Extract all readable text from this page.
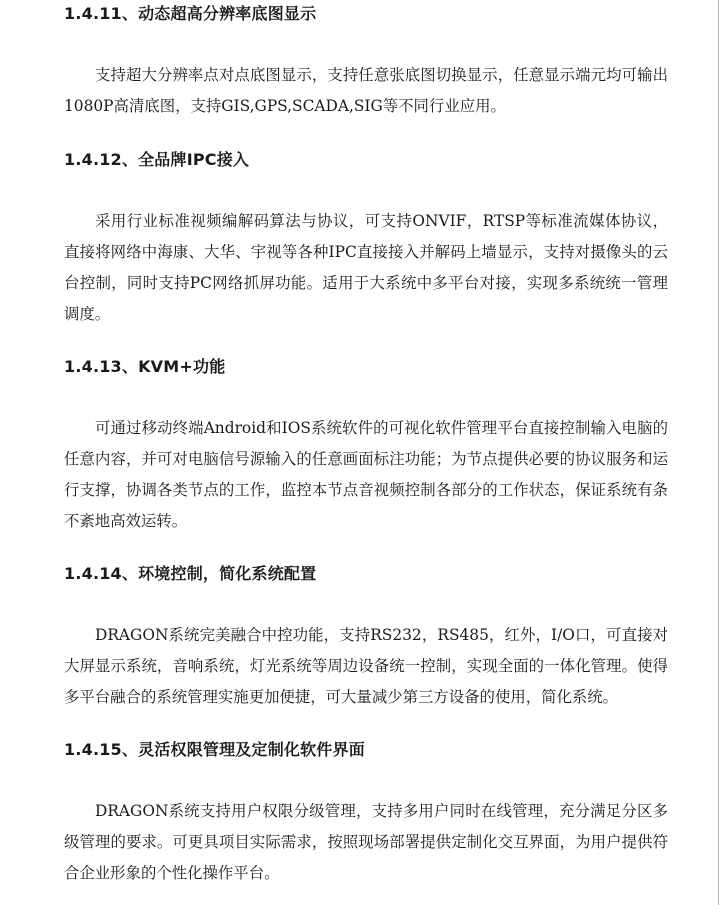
1.4.11、动态超高分辨率底图显示

支持超大分辨率点对点底图显示，支持任意张底图切换显示，任意显示端元均可输出1080P高清底图，支持GIS,GPS,SCADA,SIG等不同行业应用。

1.4.12、全品牌IPC接入

采用行业标准视频编解码算法与协议，可支持ONVIF，RTSP等标准流媒体协议，直接将网络中海康、大华、宇视等各种IPC直接接入并解码上墙显示，支持对摄像头的云台控制，同时支持PC网络抓屏功能。适用于大系统中多平台对接，实现多系统统一管理调度。

1.4.13、KVM+功能

可通过移动终端Android和IOS系统软件的可视化软件管理平台直接控制输入电脑的任意内容，并可对电脑信号源输入的任意画面标注功能；为节点提供必要的协议服务和运行支撑，协调各类节点的工作，监控本节点音视频控制各部分的工作状态，保证系统有条不紊地高效运转。

1.4.14、环境控制，简化系统配置

DRAGON系统完美融合中控功能，支持RS232，RS485，红外，I/O口，可直接对大屏显示系统，音响系统，灯光系统等周边设备统一控制，实现全面的一体化管理。使得多平台融合的系统管理实施更加便捷，可大量减少第三方设备的使用，简化系统。

1.4.15、灵活权限管理及定制化软件界面

DRAGON系统支持用户权限分级管理，支持多用户同时在线管理，充分满足分区多级管理的要求。可更具项目实际需求，按照现场部署提供定制化交互界面，为用户提供符合企业形象的个性化操作平台。
